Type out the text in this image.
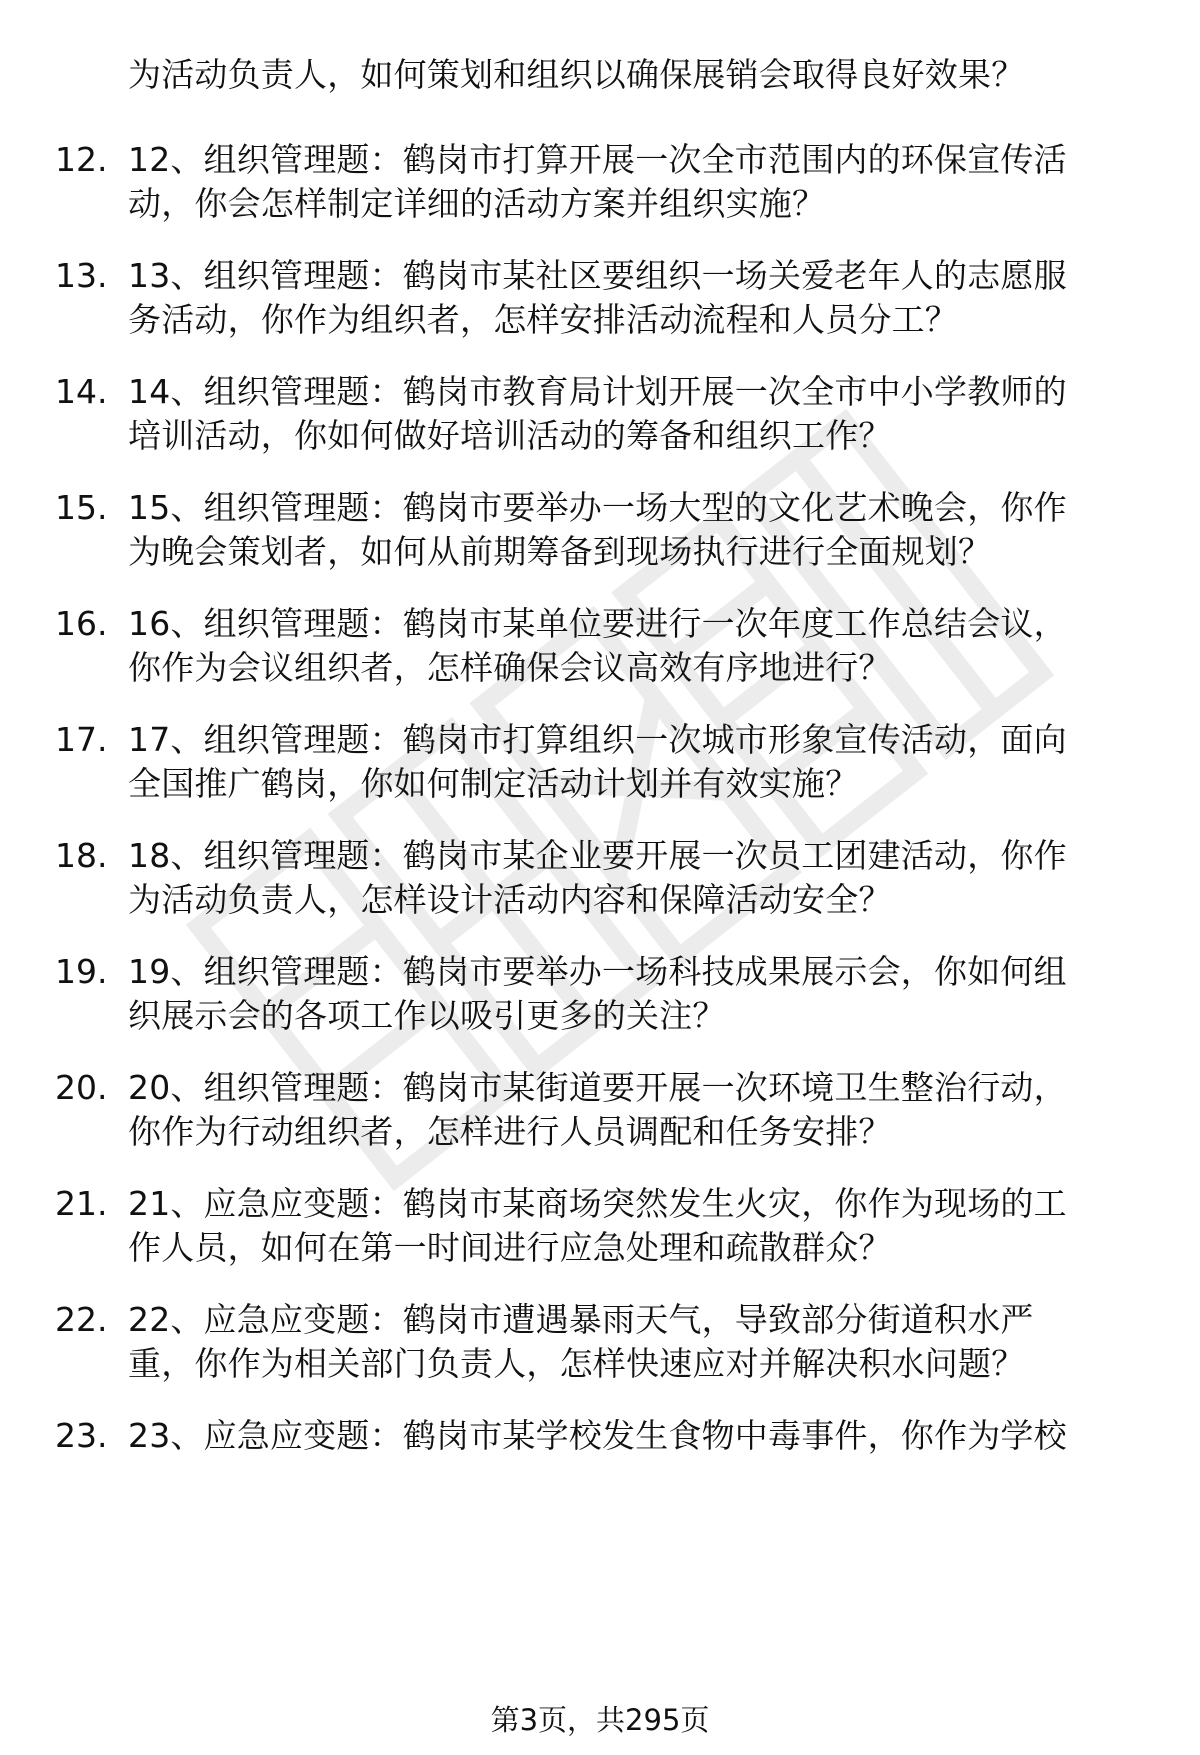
为活动负责人，如何策划和组织以确保展销会取得良好效果？
12. 12、组织管理题：鹤岗市打算开展一次全市范围内的环保宣传活
动，你会怎样制定详细的活动方案并组织实施？
13. 13、组织管理题：鹤岗市某社区要组织一场关爱老年人的志愿服
务活动，你作为组织者，怎样安排活动流程和人员分工？
14. 14、组织管理题：鹤岗市教育局计划开展一次全市中小学教师的
培训活动，你如何做好培训活动的筹备和组织工作？
15. 15、组织管理题：鹤岗市要举办一场大型的文化艺术晚会，你作
为晚会策划者，如何从前期筹备到现场执行进行全面规划？
16. 16、组织管理题：鹤岗市某单位要进行一次年度工作总结会议，
你作为会议组织者，怎样确保会议高效有序地进行？
17. 17、组织管理题：鹤岗市打算组织一次城市形象宣传活动，面向
全国推广鹤岗，你如何制定活动计划并有效实施？
18. 18、组织管理题：鹤岗市某企业要开展一次员工团建活动，你作
为活动负责人，怎样设计活动内容和保障活动安全？
19. 19、组织管理题：鹤岗市要举办一场科技成果展示会，你如何组
织展示会的各项工作以吸引更多的关注？
20. 20、组织管理题：鹤岗市某街道要开展一次环境卫生整治行动，
你作为行动组织者，怎样进行人员调配和任务安排？
21. 21、应急应变题：鹤岗市某商场突然发生火灾，你作为现场的工
作人员，如何在第一时间进行应急处理和疏散群众？
22. 22、应急应变题：鹤岗市遭遇暴雨天气，导致部分街道积水严
重，你作为相关部门负责人，怎样快速应对并解决积水问题？
23. 23、应急应变题：鹤岗市某学校发生食物中毒事件，你作为学校
第3页，共295页
